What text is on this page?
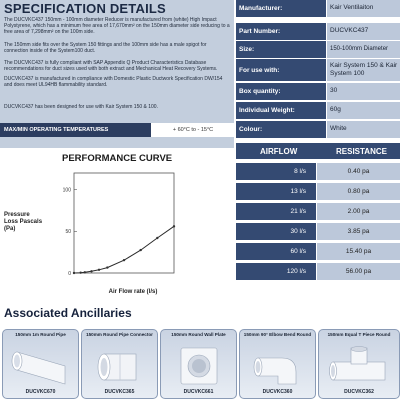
SPECIFICATION DETAILS
The DUCVKC437 150mm - 100mm diameter Reducer is manufactured from (white) High Impact Polystyrene, which has a minimum free area of 17,670mm² on the 150mm diameter side reducing to a free area of 7,298mm² on the 100m side.
The 150mm side fits over the System 150 fittings and the 100mm side has a male spigot for connection inside of the System100 duct.
The DUCVKC437 is fully compliant with SAP Appendix Q Product Characteristics Database recommendations for duct sizes used with both extract and Mechanical Heat Recovery Systems.
DUCVKC437 is manufactured in compliance with Domestic Plastic Ductwork Specification DW/154 and does meet UL94HB flammability standard.
DUCVKC437 has been designed for use with Kair System 150 & 100.
MAX/MIN OPERATING TEMPERATURES	+ 60°C to - 15°C
Manufacturer:	Kair Ventilaiton
Part Number:	DUCVKC437
Size:	150-100mm Diameter
For use with:
Kair System 150 & Kair System 100
Box quantity:	30
Individual Weight:	60g
Colour:	White
PERFORMANCE CURVE
0
50
100
Pressure Loss Pascals (Pa)
Air Flow rate (l/s)
AIRFLOW	RESISTANCE
8 l/s	0.40 pa
13 l/s	0.80 pa
21 l/s	2.00 pa
30 l/s	3.85 pa
60 l/s	15.40 pa
120 l/s	56.00 pa
Associated Ancillaries
150mm 1m Round Pipe
DUCVKC670
150mm Round Pipe Connector
DUCVKC365
150mm Round Wall Plate
DUCVKC661
150mm 90° Elbow Bend Round
DUCVKC360
150mm Equal T Piece Round
DUCVKC362
